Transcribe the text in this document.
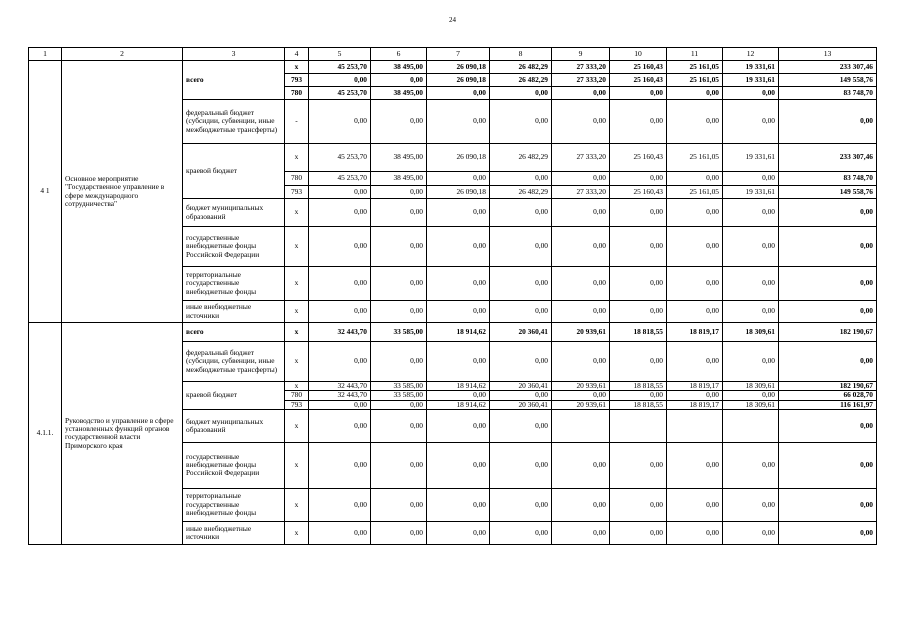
24
1	2	3	4	5	6	7	8	9	10	11	12	13
4 1	Основное мероприятие "Государственное управление в сфере международного сотрудничества"	всего	x	45 253,70	38 495,00	26 090,18	26 482,29	27 333,20	25 160,43	25 161,05	19 331,61	233 307,46
			793	0,00	0,00	26 090,18	26 482,29	27 333,20	25 160,43	25 161,05	19 331,61	149 558,76
			780	45 253,70	38 495,00	0,00	0,00	0,00	0,00	0,00	0,00	83 748,70
		федеральный бюджет (субсидии, субвенции, иные межбюджетные трансферты)	-	0,00	0,00	0,00	0,00	0,00	0,00	0,00	0,00	0,00
		краевой бюджет	x	45 253,70	38 495,00	26 090,18	26 482,29	27 333,20	25 160,43	25 161,05	19 331,61	233 307,46
			780	45 253,70	38 495,00	0,00	0,00	0,00	0,00	0,00	0,00	83 748,70
			793	0,00	0,00	26 090,18	26 482,29	27 333,20	25 160,43	25 161,05	19 331,61	149 558,76
		бюджет муниципальных образований	x	0,00	0,00	0,00	0,00	0,00	0,00	0,00	0,00	0,00
		государственные внебюджетные фонды Российской Федерации	x	0,00	0,00	0,00	0,00	0,00	0,00	0,00	0,00	0,00
		территориальные государственные внебюджетные фонды	x	0,00	0,00	0,00	0,00	0,00	0,00	0,00	0,00	0,00
		иные внебюджетные источники	x	0,00	0,00	0,00	0,00	0,00	0,00	0,00	0,00	0,00
4.1.1.	Руководство и управление в сфере установленных функций органов государственной власти Приморского края	всего	x	32 443,70	33 585,00	18 914,62	20 360,41	20 939,61	18 818,55	18 819,17	18 309,61	182 190,67
		федеральный бюджет (субсидии, субвенции, иные межбюджетные трансферты)	x	0,00	0,00	0,00	0,00	0,00	0,00	0,00	0,00	0,00
		краевой бюджет	x	32 443,70	33 585,00	18 914,62	20 360,41	20 939,61	18 818,55	18 819,17	18 309,61	182 190,67
			780	32 443,70	33 585,00	0,00	0,00	0,00	0,00	0,00	0,00	66 028,70
			793	0,00	0,00	18 914,62	20 360,41	20 939,61	18 818,55	18 819,17	18 309,61	116 161,97
		бюджет муниципальных образований	x	0,00	0,00	0,00	0,00					0,00
		государственные внебюджетные фонды Российской Федерации	x	0,00	0,00	0,00	0,00	0,00	0,00	0,00	0,00	0,00
		территориальные государственные внебюджетные фонды	x	0,00	0,00	0,00	0,00	0,00	0,00	0,00	0,00	0,00
		иные внебюджетные источники	x	0,00	0,00	0,00	0,00	0,00	0,00	0,00	0,00	0,00
